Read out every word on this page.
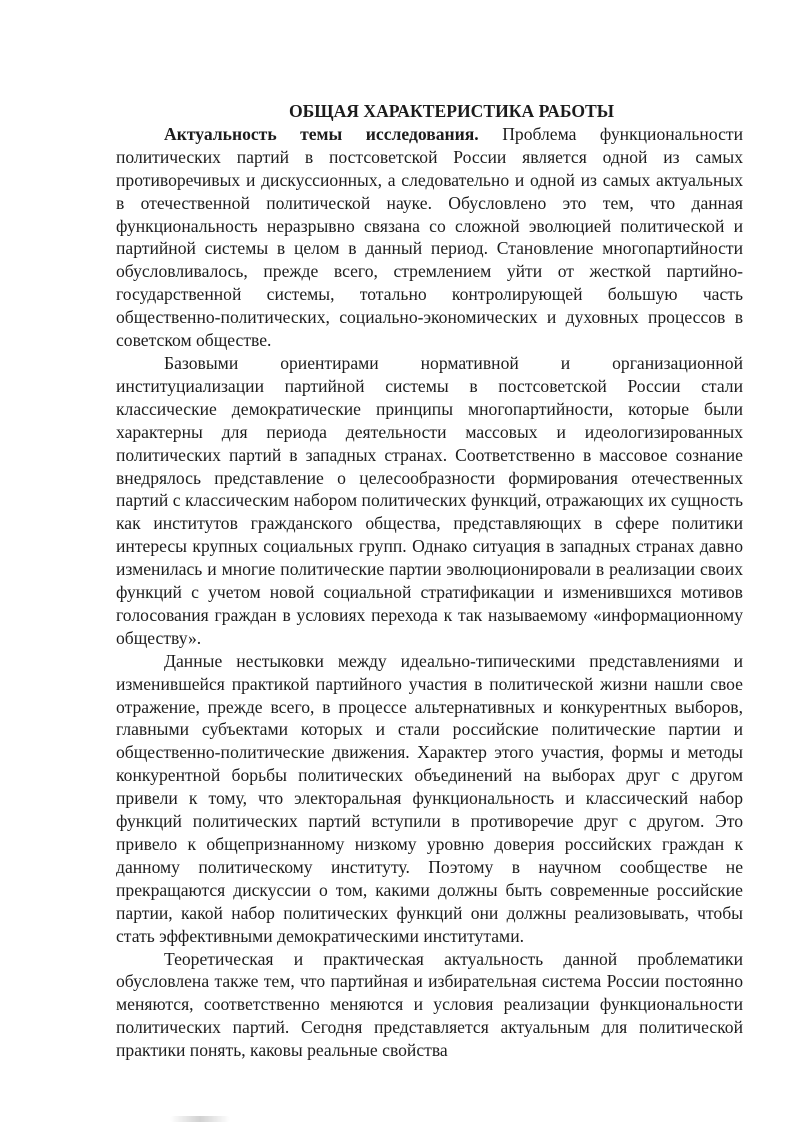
ОБЩАЯ ХАРАКТЕРИСТИКА РАБОТЫ

Актуальность темы исследования. Проблема функциональности политических партий в постсоветской России является одной из самых противоречивых и дискуссионных, а следовательно и одной из самых актуальных в отечественной политической науке. Обусловлено это тем, что данная функциональность неразрывно связана со сложной эволюцией политической и партийной системы в целом в данный период. Становление многопартийности обусловливалось, прежде всего, стремлением уйти от жесткой партийно-государственной системы, тотально контролирующей большую часть общественно-политических, социально-экономических и духовных процессов в советском обществе.

Базовыми ориентирами нормативной и организационной институциализации партийной системы в постсоветской России стали классические демократические принципы многопартийности, которые были характерны для периода деятельности массовых и идеологизированных политических партий в западных странах. Соответственно в массовое сознание внедрялось представление о целесообразности формирования отечественных партий с классическим набором политических функций, отражающих их сущность как институтов гражданского общества, представляющих в сфере политики интересы крупных социальных групп. Однако ситуация в западных странах давно изменилась и многие политические партии эволюционировали в реализации своих функций с учетом новой социальной стратификации и изменившихся мотивов голосования граждан в условиях перехода к так называемому «информационному обществу».

Данные нестыковки между идеально-типическими представлениями и изменившейся практикой партийного участия в политической жизни нашли свое отражение, прежде всего, в процессе альтернативных и конкурентных выборов, главными субъектами которых и стали российские политические партии и общественно-политические движения. Характер этого участия, формы и методы конкурентной борьбы политических объединений на выборах друг с другом привели к тому, что электоральная функциональность и классический набор функций политических партий вступили в противоречие друг с другом. Это привело к общепризнанному низкому уровню доверия российских граждан к данному политическому институту. Поэтому в научном сообществе не прекращаются дискуссии о том, какими должны быть современные российские партии, какой набор политических функций они должны реализовывать, чтобы стать эффективными демократическими институтами.

Теоретическая и практическая актуальность данной проблематики обусловлена также тем, что партийная и избирательная система России постоянно меняются, соответственно меняются и условия реализации функциональности политических партий. Сегодня представляется актуальным для политической практики понять, каковы реальные свойства
